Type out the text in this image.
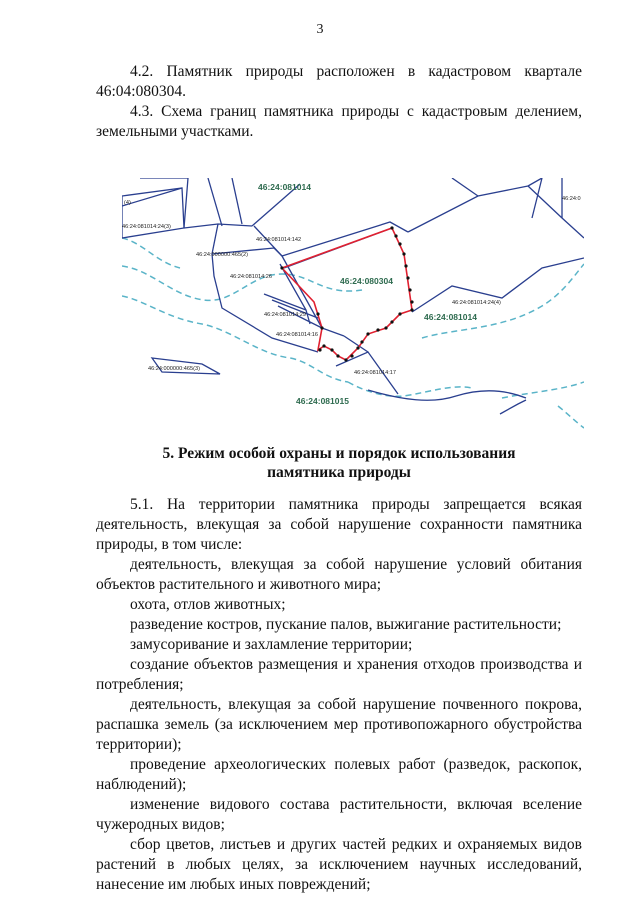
3

4.2. Памятник природы расположен в кадастровом квартале 46:04:080304.

4.3. Схема границ памятника природы с кадастровым делением, земельными участками.

46:24:081014
46:24:080304
46:24:081014
46:24:081015
46:24:081014:142
46:24:000000:465(2)
46:24:081014:26
46:24:081014:29
46:24:081014:16
46:24:000000:465(3)
46:24:081014:17
46:24:081014:24(4)
46:24:081014:24(3)
(4)
46:24:0
5. Режим особой охраны и порядок использования
памятника природы

5.1. На территории памятника природы запрещается всякая деятельность, влекущая за собой нарушение сохранности памятника природы, в том числе:

деятельность, влекущая за собой нарушение условий обитания объектов растительного и животного мира;

охота, отлов животных;

разведение костров, пускание палов, выжигание растительности;

замусоривание и захламление территории;

создание объектов размещения и хранения отходов производства и потребления;

деятельность, влекущая за собой нарушение почвенного покрова, распашка земель (за исключением мер противопожарного обустройства территории);

проведение археологических полевых работ (разведок, раскопок, наблюдений);

изменение видового состава растительности, включая вселение чужеродных видов;

сбор цветов, листьев и других частей редких и охраняемых видов растений в любых целях, за исключением научных исследований, нанесение им любых иных повреждений;
